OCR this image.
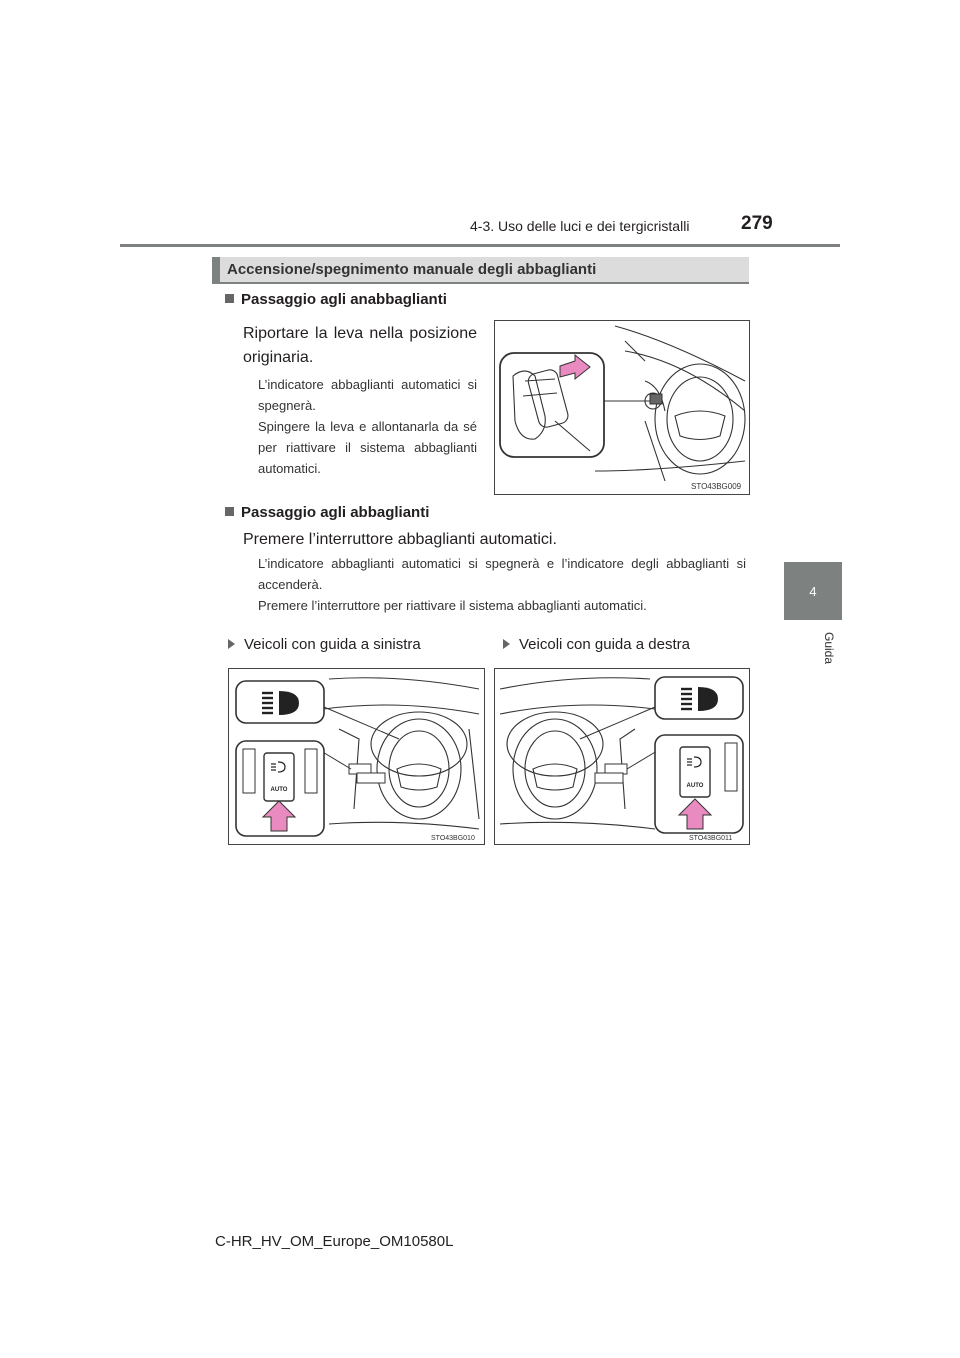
4-3. Uso delle luci e dei tergicristalli	279
4
Guida
Accensione/spegnimento manuale degli abbaglianti
Passaggio agli anabbaglianti
Riportare la leva nella posizione originaria.
L’indicatore abbaglianti automatici si spegnerà.
Spingere la leva e allontanarla da sé per riattivare il sistema abbaglianti automatici.
STO43BG009
Passaggio agli abbaglianti
Premere l’interruttore abbaglianti automatici.
L’indicatore abbaglianti automatici si spegnerà e l’indicatore degli abbaglianti si accenderà.
Premere l’interruttore per riattivare il sistema abbaglianti automatici.
Veicoli con guida a sinistra	Veicoli con guida a destra
AUTO
STO43BG010
AUTO
STO43BG011
C-HR_HV_OM_Europe_OM10580L
